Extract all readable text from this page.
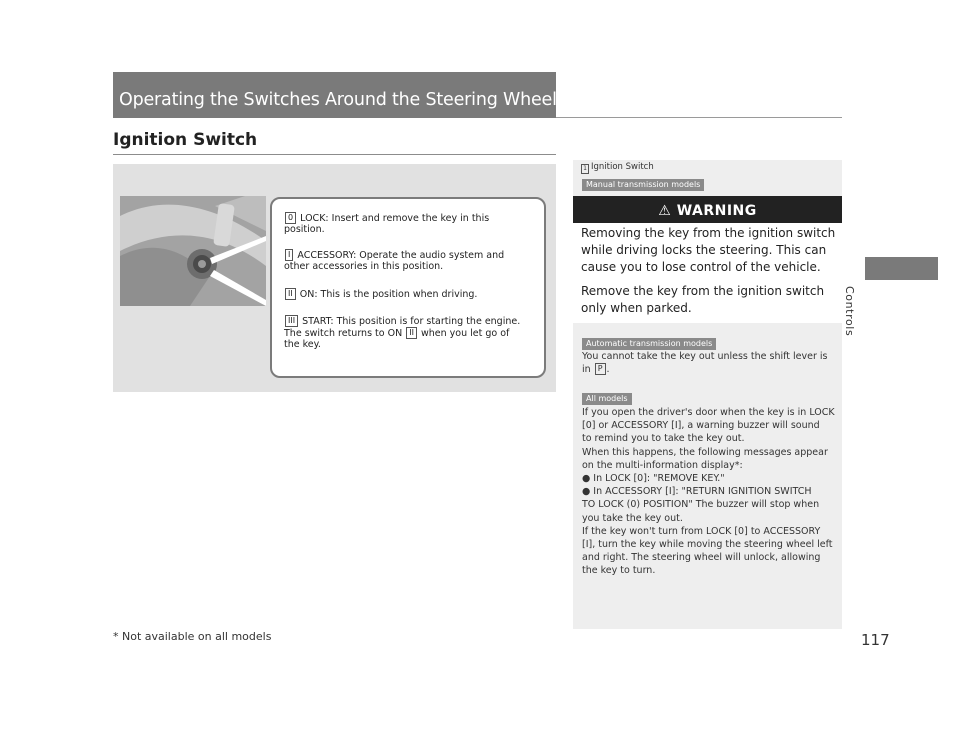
Operating the Switches Around the Steering Wheel
Controls
Ignition Switch
0 LOCK: Insert and remove the key in this
position.
I ACCESSORY: Operate the audio system and
other accessories in this position.
II ON: This is the position when driving.
III START: This position is for starting the engine.
The switch returns to ON II when you let go of
the key.
1 Ignition Switch
Manual transmission models
⚠ WARNING
Removing the key from the ignition switch while driving locks the steering. This can cause you to lose control of the vehicle.
Remove the key from the ignition switch only when parked.
Automatic transmission models
You cannot take the key out unless the shift lever is
in P .
All models
If you open the driver's door when the key is in LOCK
[0] or ACCESSORY [I], a warning buzzer will sound
to remind you to take the key out.
When this happens, the following messages appear
on the multi-information display*:
● In LOCK [0]: "REMOVE KEY."
● In ACCESSORY [I]: "RETURN IGNITION SWITCH
TO LOCK (0) POSITION" The buzzer will stop when
you take the key out.
If the key won't turn from LOCK [0] to ACCESSORY
[I], turn the key while moving the steering wheel left
and right. The steering wheel will unlock, allowing
the key to turn.
* Not available on all models	117
